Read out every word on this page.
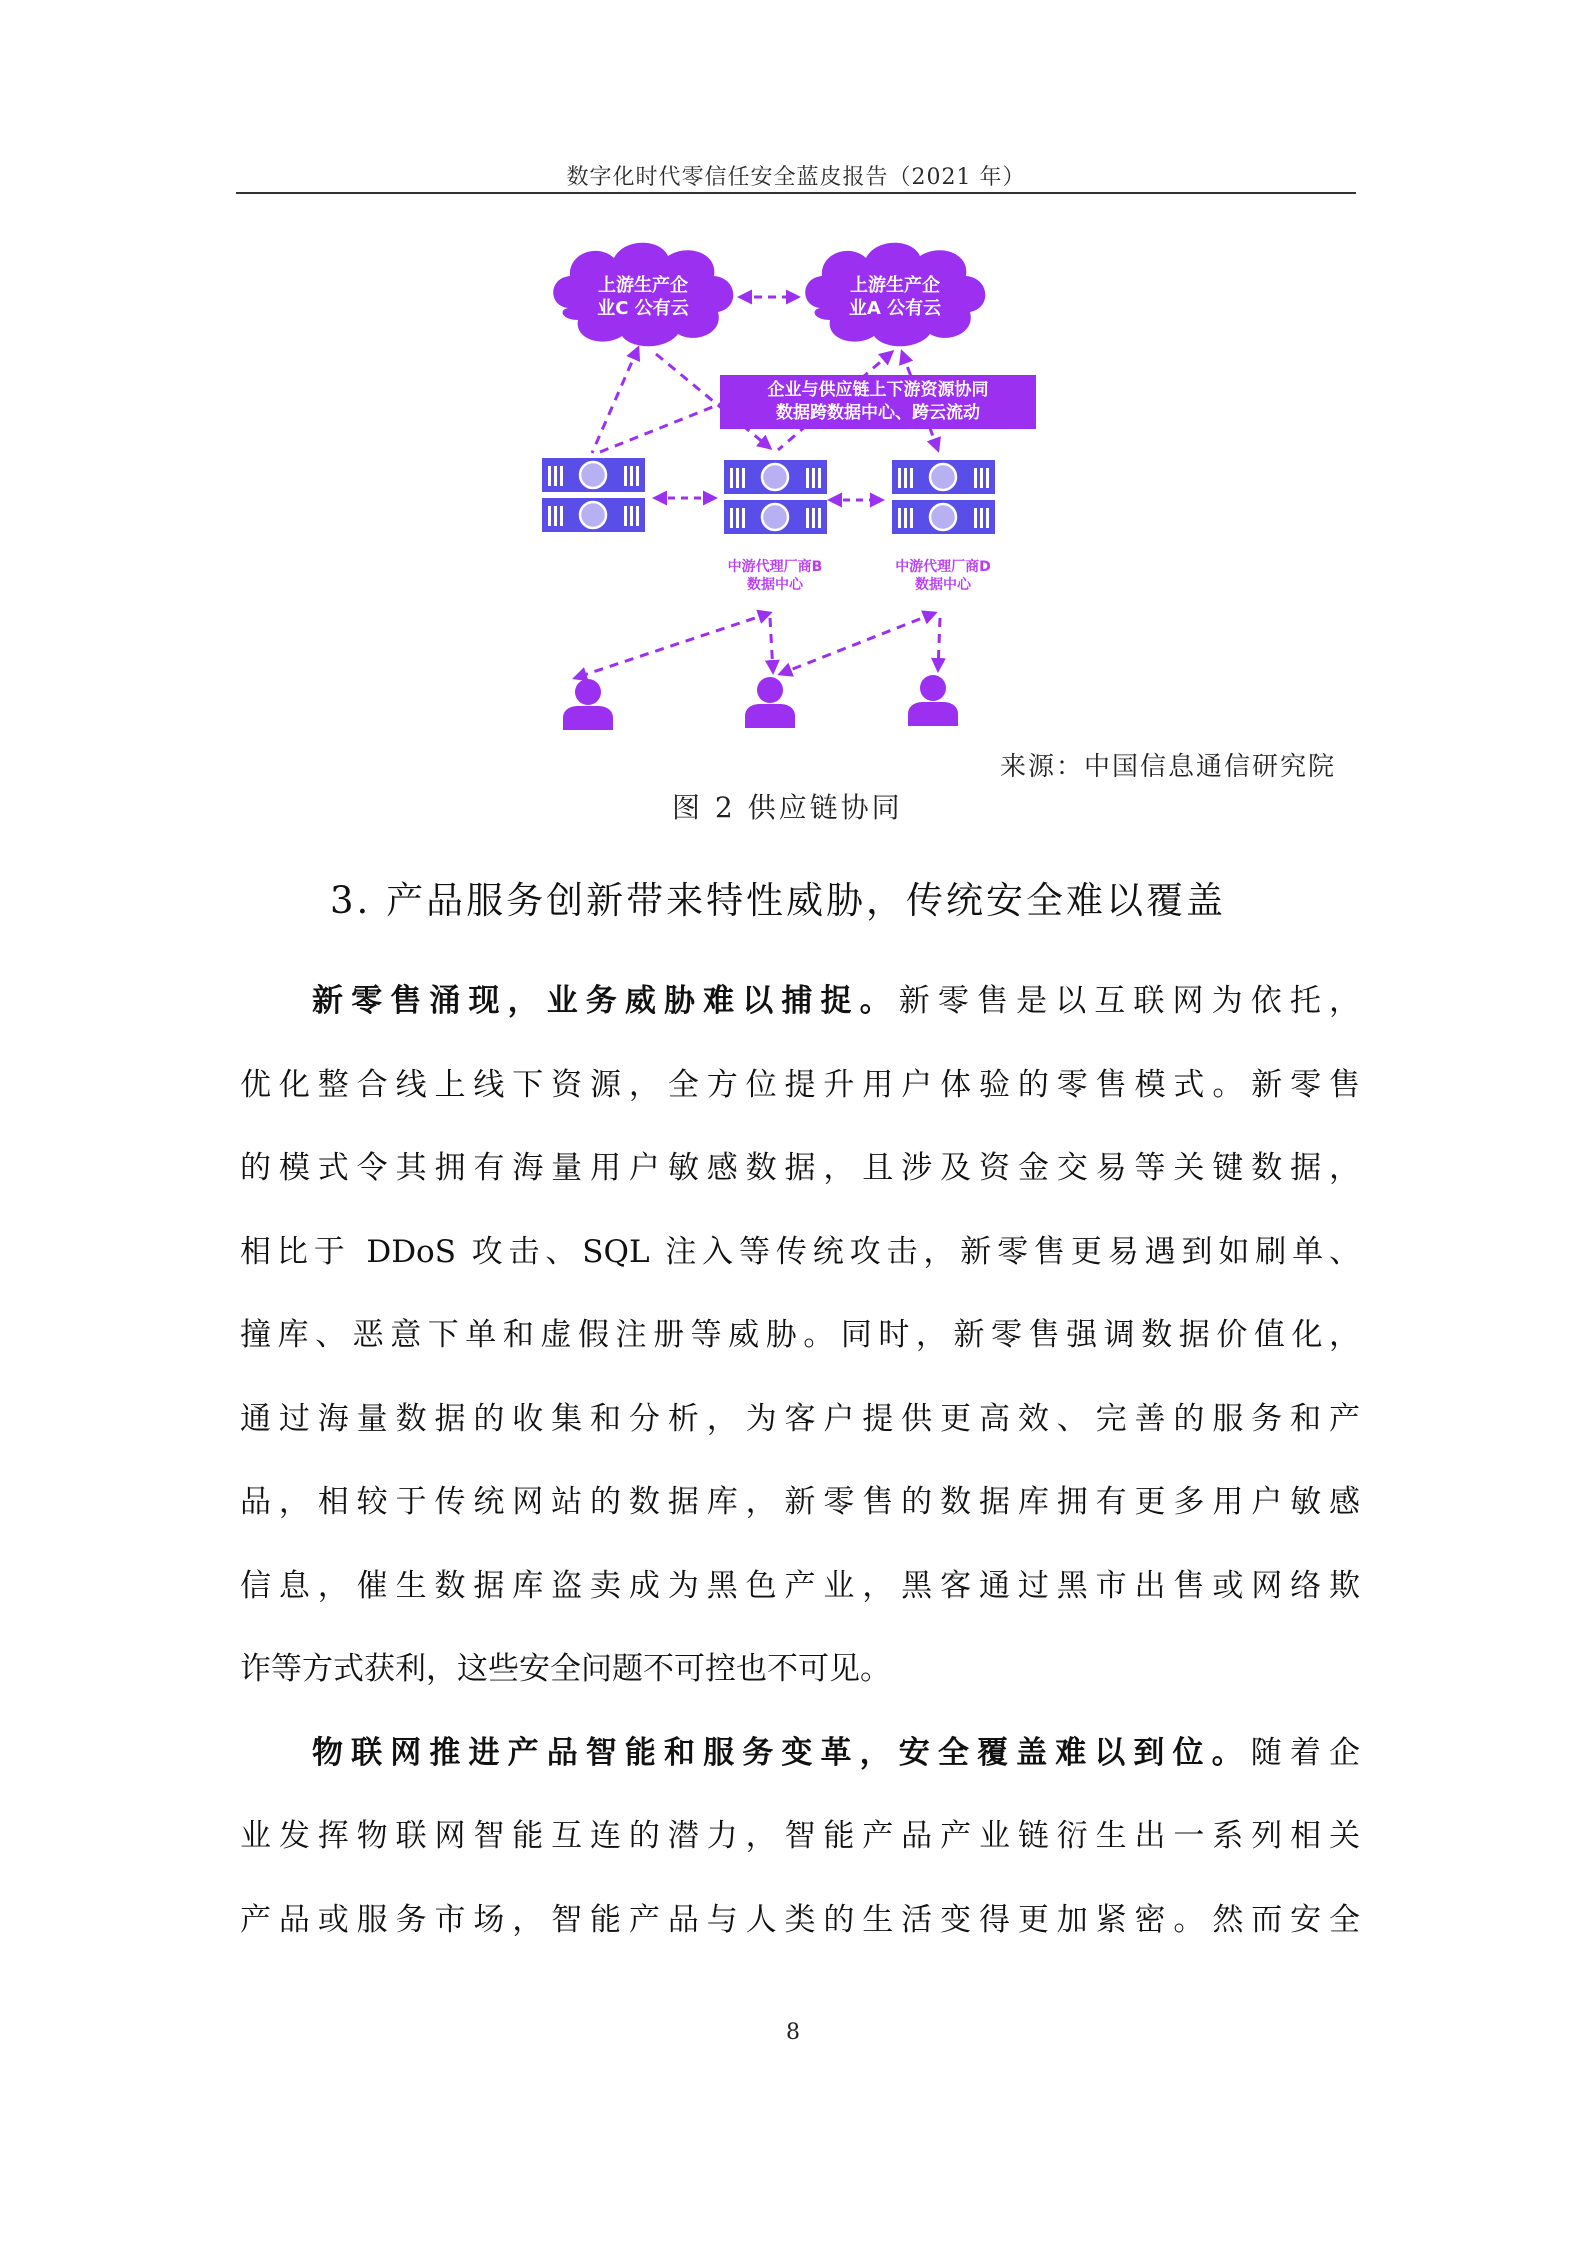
数字化时代零信任安全蓝皮报告（2021 年）
上游生产企
业C 公有云
上游生产企
业A 公有云
企业与供应链上下游资源协同
数据跨数据中心、跨云流动
中游代理厂商B
数据中心
中游代理厂商D
数据中心
来源：中国信息通信研究院
图 2 供应链协同
3. 产品服务创新带来特性威胁，传统安全难以覆盖
新零售涌现，业务威胁难以捕捉。新零售是以互联网为依托，
优化整合线上线下资源，全方位提升用户体验的零售模式。新零售
的模式令其拥有海量用户敏感数据，且涉及资金交易等关键数据，
相比于 DDoS 攻击、SQL 注入等传统攻击，新零售更易遇到如刷单、
撞库、恶意下单和虚假注册等威胁。同时，新零售强调数据价值化，
通过海量数据的收集和分析，为客户提供更高效、完善的服务和产
品，相较于传统网站的数据库，新零售的数据库拥有更多用户敏感
信息，催生数据库盗卖成为黑色产业，黑客通过黑市出售或网络欺
诈等方式获利，这些安全问题不可控也不可见。
物联网推进产品智能和服务变革，安全覆盖难以到位。随着企
业发挥物联网智能互连的潜力，智能产品产业链衍生出一系列相关
产品或服务市场，智能产品与人类的生活变得更加紧密。然而安全
8
